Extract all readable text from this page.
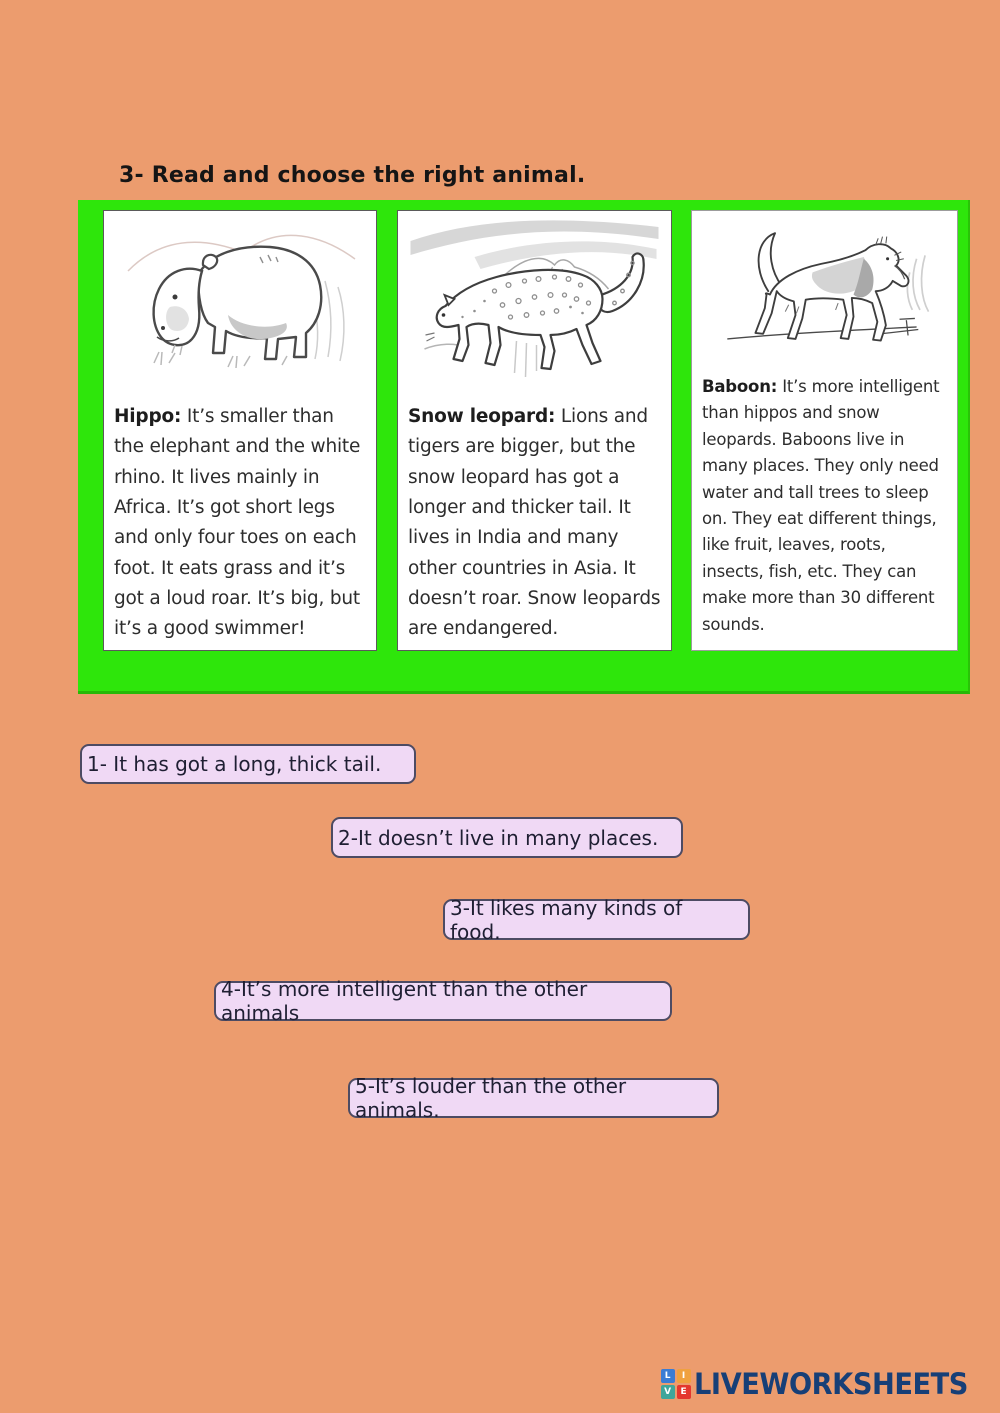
3- Read and choose the right animal.

Hippo: It’s smaller than the elephant and the white rhino. It lives mainly in Africa. It’s got short legs and only four toes on each foot. It eats grass and it’s got a loud roar. It’s big, but it’s a good swimmer!

Snow leopard: Lions and tigers are bigger, but the snow leopard has got a longer and thicker tail. It lives in India and many other countries in Asia. It doesn’t roar. Snow leopards are endangered.

Baboon: It’s more intelligent than hippos and snow leopards. Baboons live in many places. They only need water and tall trees to sleep on. They eat different things, like fruit, leaves, roots, insects, fish, etc. They can make more than 30 different sounds.

1- It has got a long, thick tail.
2-It doesn’t live in many places.
3-It likes many kinds of food.
4-It’s more intelligent than the other animals
5-It’s louder than the other animals.
L	I
V	E LIVEWORKSHEETS
